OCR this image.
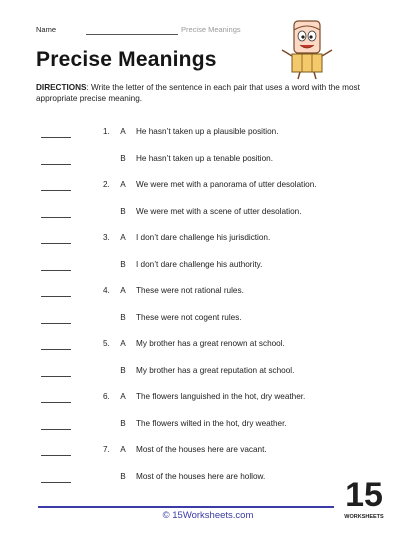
Name	Precise Meanings
Precise Meanings
DIRECTIONS: Write the letter of the sentence in each pair that uses a word with the most appropriate precise meaning.
1.	A	He hasn’t taken up a plausible position.
B	He hasn’t taken up a tenable position.
2.	A	We were met with a panorama of utter desolation.
B	We were met with a scene of utter desolation.
3.	A	I don’t dare challenge his jurisdiction.
B	I don’t dare challenge his authority.
4.	A	These were not rational rules.
B	These were not cogent rules.
5.	A	My brother has a great renown at school.
B	My brother has a great reputation at school.
6.	A	The flowers languished in the hot, dry weather.
B	The flowers wilted in the hot, dry weather.
7.	A	Most of the houses here are vacant.
B	Most of the houses here are hollow.
© 15Worksheets.com
15
WORKSHEETS
